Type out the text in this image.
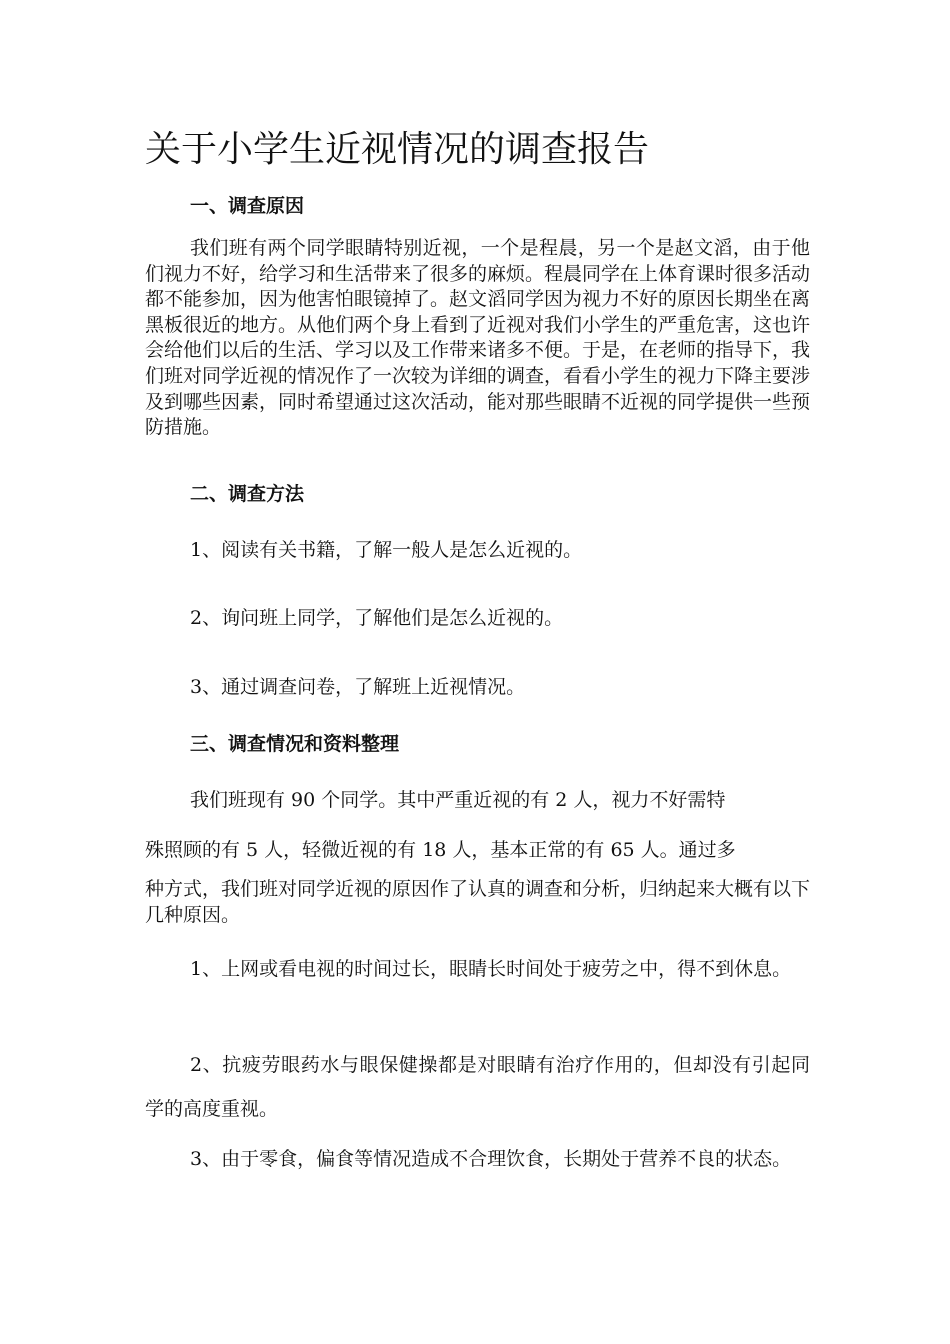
关于小学生近视情况的调查报告
一、调查原因

我们班有两个同学眼睛特别近视，一个是程晨，另一个是赵文滔，由于他们视力不好，给学习和生活带来了很多的麻烦。程晨同学在上体育课时很多活动都不能参加，因为他害怕眼镜掉了。赵文滔同学因为视力不好的原因长期坐在离黑板很近的地方。从他们两个身上看到了近视对我们小学生的严重危害，这也许会给他们以后的生活、学习以及工作带来诸多不便。于是，在老师的指导下，我们班对同学近视的情况作了一次较为详细的调查，看看小学生的视力下降主要涉及到哪些因素，同时希望通过这次活动，能对那些眼睛不近视的同学提供一些预防措施。

二、调查方法

1、阅读有关书籍，了解一般人是怎么近视的。

2、询问班上同学，了解他们是怎么近视的。

3、通过调查问卷，了解班上近视情况。

三、调查情况和资料整理

我们班现有 90 个同学。其中严重近视的有 2 人，视力不好需特

殊照顾的有 5 人，轻微近视的有 18 人，基本正常的有 65 人。通过多

种方式，我们班对同学近视的原因作了认真的调查和分析，归纳起来大概有以下几种原因。

1、上网或看电视的时间过长，眼睛长时间处于疲劳之中，得不到休息。

2、抗疲劳眼药水与眼保健操都是对眼睛有治疗作用的，但却没有引起同学的高度重视。

3、由于零食，偏食等情况造成不合理饮食，长期处于营养不良的状态。
